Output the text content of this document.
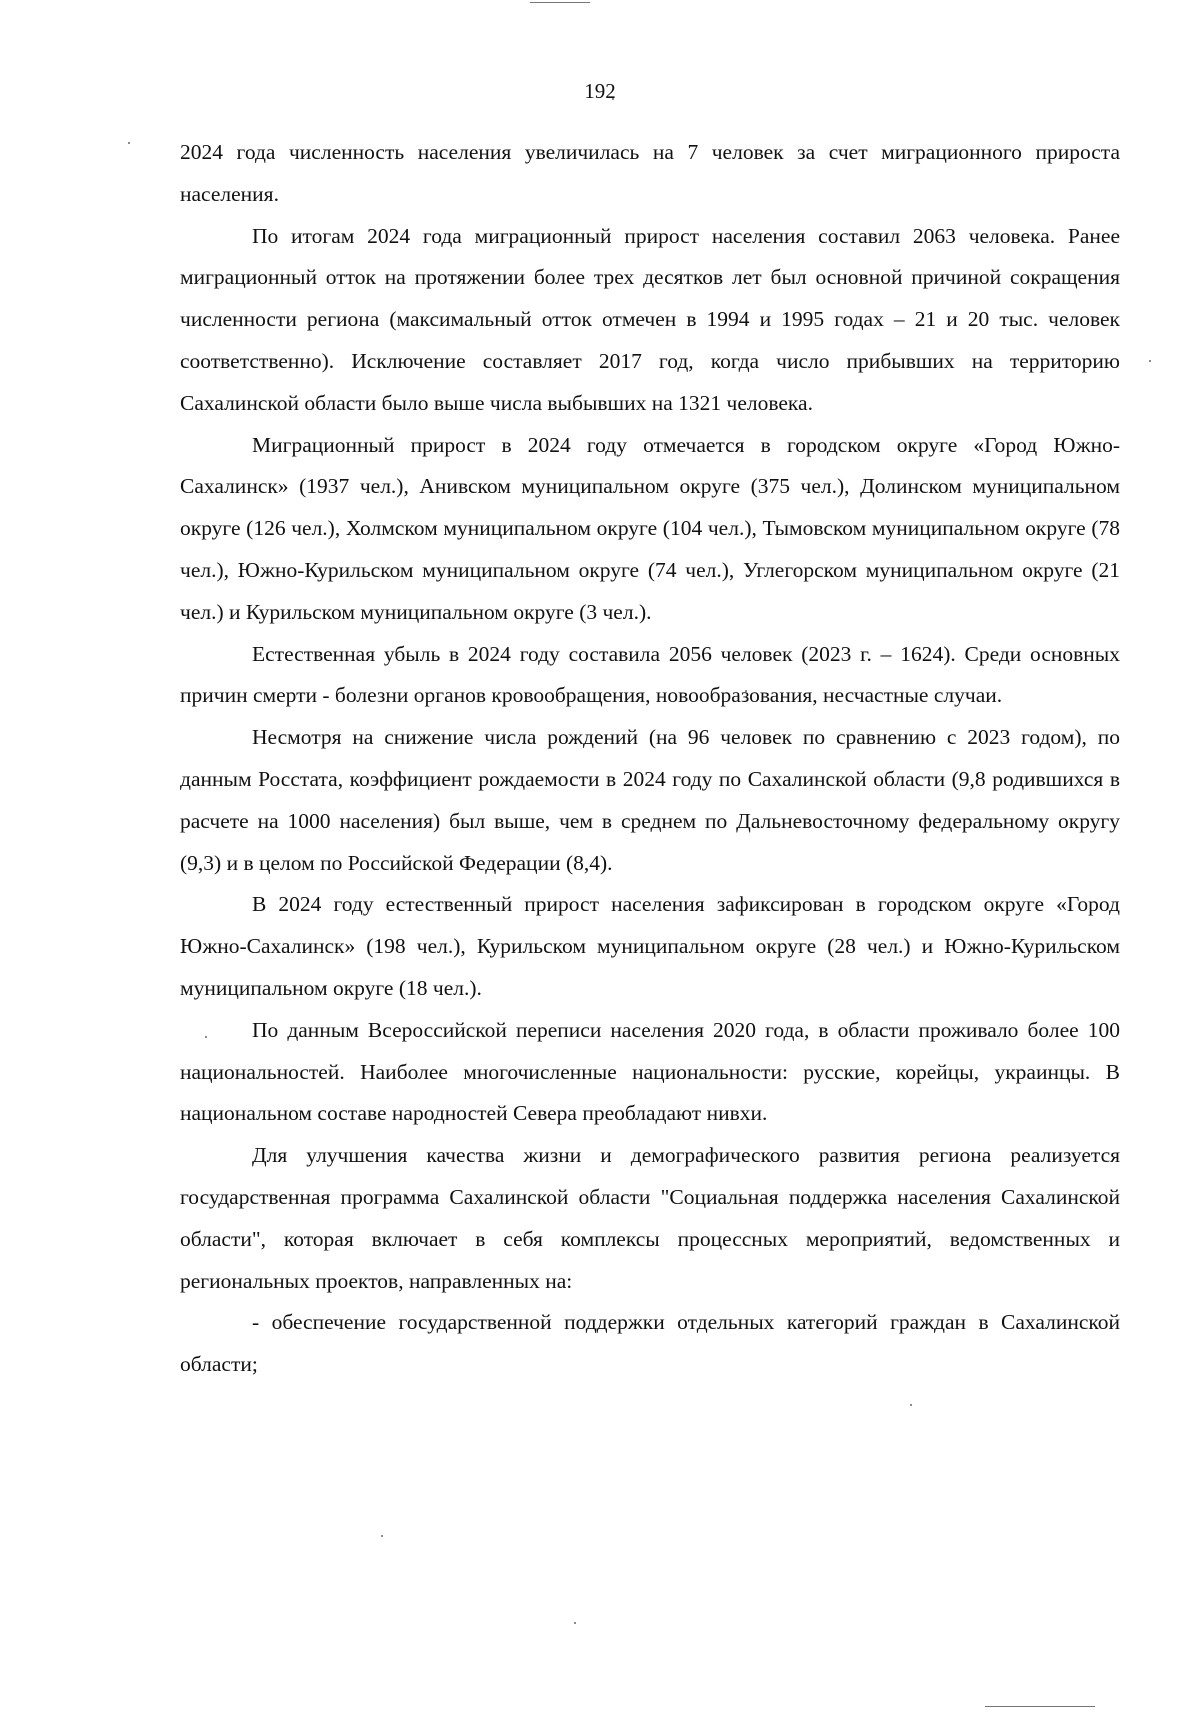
192

2024 года численность населения увеличилась на 7 человек за счет миграционного прироста населения.

По итогам 2024 года миграционный прирост населения составил 2063 человека. Ранее миграционный отток на протяжении более трех десятков лет был основной причиной сокращения численности региона (максимальный отток отмечен в 1994 и 1995 годах – 21 и 20 тыс. человек соответственно). Исключение составляет 2017 год, когда число прибывших на территорию Сахалинской области было выше числа выбывших на 1321 человека.

Миграционный прирост в 2024 году отмечается в городском округе «Город Южно-Сахалинск» (1937 чел.), Анивском муниципальном округе (375 чел.), Долинском муниципальном округе (126 чел.), Холмском муниципальном округе (104 чел.), Тымовском муниципальном округе (78 чел.), Южно-Курильском муниципальном округе (74 чел.), Углегорском муниципальном округе (21 чел.) и Курильском муниципальном округе (3 чел.).

Естественная убыль в 2024 году составила 2056 человек (2023 г. – 1624). Среди основных причин смерти - болезни органов кровообращения, новообразования, несчастные случаи.

Несмотря на снижение числа рождений (на 96 человек по сравнению с 2023 годом), по данным Росстата, коэффициент рождаемости в 2024 году по Сахалинской области (9,8 родившихся в расчете на 1000 населения) был выше, чем в среднем по Дальневосточному федеральному округу (9,3) и в целом по Российской Федерации (8,4).

В 2024 году естественный прирост населения зафиксирован в городском округе «Город Южно-Сахалинск» (198 чел.), Курильском муниципальном округе (28 чел.) и Южно-Курильском муниципальном округе (18 чел.).

По данным Всероссийской переписи населения 2020 года, в области проживало более 100 национальностей. Наиболее многочисленные национальности: русские, корейцы, украинцы. В национальном составе народностей Севера преобладают нивхи.

Для улучшения качества жизни и демографического развития региона реализуется государственная программа Сахалинской области "Социальная поддержка населения Сахалинской области", которая включает в себя комплексы процессных мероприятий, ведомственных и региональных проектов, направленных на:

- обеспечение государственной поддержки отдельных категорий граждан в Сахалинской области;
